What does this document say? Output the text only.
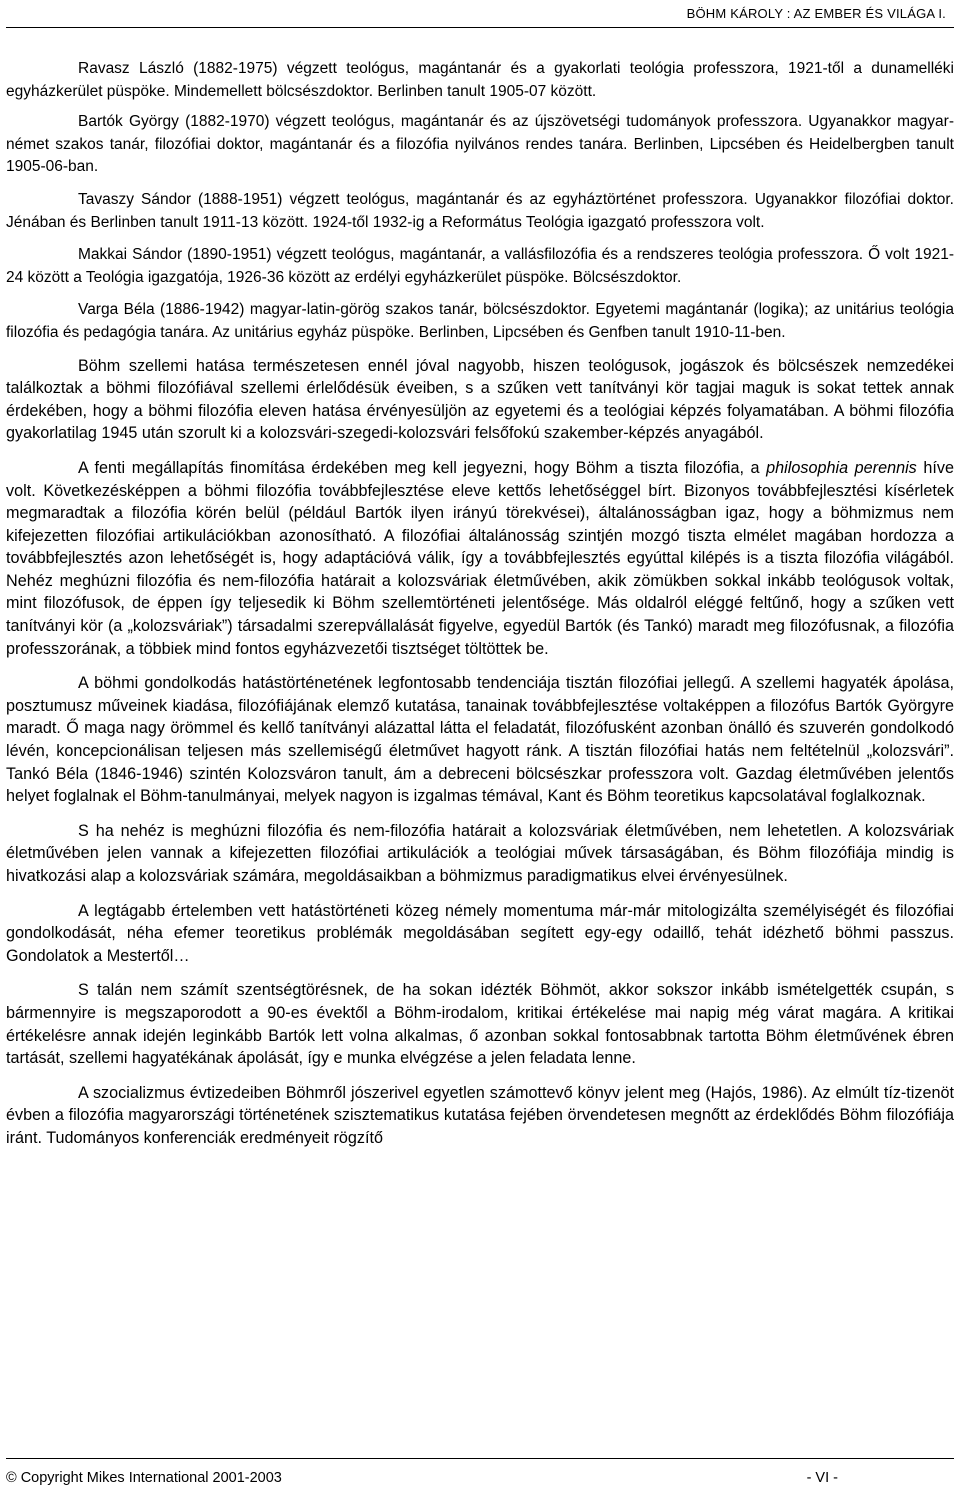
BÖHM KÁROLY : AZ EMBER ÉS VILÁGA I.

Ravasz László (1882-1975) végzett teológus, magántanár és a gyakorlati teológia professzora, 1921-től a dunamelléki egyházkerület püspöke. Mindemellett bölcsészdoktor. Berlinben tanult 1905-07 között.

Bartók György (1882-1970) végzett teológus, magántanár és az újszövetségi tudományok professzora. Ugyanakkor magyar-német szakos tanár, filozófiai doktor, magántanár és a filozófia nyilvános rendes tanára. Berlinben, Lipcsében és Heidelbergben tanult 1905-06-ban.

Tavaszy Sándor (1888-1951) végzett teológus, magántanár és az egyháztörténet professzora. Ugyanakkor filozófiai doktor. Jénában és Berlinben tanult 1911-13 között. 1924-től 1932-ig a Református Teológia igazgató professzora volt.

Makkai Sándor (1890-1951) végzett teológus, magántanár, a vallásfilozófia és a rendszeres teológia professzora. Ő volt 1921-24 között a Teológia igazgatója, 1926-36 között az erdélyi egyházkerület püspöke. Bölcsészdoktor.

Varga Béla (1886-1942) magyar-latin-görög szakos tanár, bölcsészdoktor. Egyetemi magántanár (logika); az unitárius teológia filozófia és pedagógia tanára. Az unitárius egyház püspöke. Berlinben, Lipcsében és Genfben tanult 1910-11-ben.

Böhm szellemi hatása természetesen ennél jóval nagyobb, hiszen teológusok, jogászok és bölcsészek nemzedékei találkoztak a böhmi filozófiával szellemi érlelődésük éveiben, s a szűken vett tanítványi kör tagjai maguk is sokat tettek annak érdekében, hogy a böhmi filozófia eleven hatása érvényesüljön az egyetemi és a teológiai képzés folyamatában. A böhmi filozófia gyakorlatilag 1945 után szorult ki a kolozsvári-szegedi-kolozsvári felsőfokú szakember-képzés anyagából.

A fenti megállapítás finomítása érdekében meg kell jegyezni, hogy Böhm a tiszta filozófia, a philosophia perennis híve volt. Következésképpen a böhmi filozófia továbbfejlesztése eleve kettős lehetőséggel bírt. Bizonyos továbbfejlesztési kísérletek megmaradtak a filozófia körén belül (például Bartók ilyen irányú törekvései), általánosságban igaz, hogy a böhmizmus nem kifejezetten filozófiai artikulációkban azonosítható. A filozófiai általánosság szintjén mozgó tiszta elmélet magában hordozza a továbbfejlesztés azon lehetőségét is, hogy adaptációvá válik, így a továbbfejlesztés egyúttal kilépés is a tiszta filozófia világából. Nehéz meghúzni filozófia és nem-filozófia határait a kolozsváriak életművében, akik zömükben sokkal inkább teológusok voltak, mint filozófusok, de éppen így teljesedik ki Böhm szellemtörténeti jelentősége. Más oldalról eléggé feltűnő, hogy a szűken vett tanítványi kör (a „kolozsváriak”) társadalmi szerepvállalását figyelve, egyedül Bartók (és Tankó) maradt meg filozófusnak, a filozófia professzorának, a többiek mind fontos egyházvezetői tisztséget töltöttek be.

A böhmi gondolkodás hatástörténetének legfontosabb tendenciája tisztán filozófiai jellegű. A szellemi hagyaték ápolása, posztumusz műveinek kiadása, filozófiájának elemző kutatása, tanainak továbbfejlesztése voltaképpen a filozófus Bartók Györgyre maradt. Ő maga nagy örömmel és kellő tanítványi alázattal látta el feladatát, filozófusként azonban önálló és szuverén gondolkodó lévén, koncepcionálisan teljesen más szellemiségű életművet hagyott ránk. A tisztán filozófiai hatás nem feltételnül „kolozsvári”. Tankó Béla (1846-1946) szintén Kolozsváron tanult, ám a debreceni bölcsészkar professzora volt. Gazdag életművében jelentős helyet foglalnak el Böhm-tanulmányai, melyek nagyon is izgalmas témával, Kant és Böhm teoretikus kapcsolatával foglalkoznak.

S ha nehéz is meghúzni filozófia és nem-filozófia határait a kolozsváriak életművében, nem lehetetlen. A kolozsváriak életművében jelen vannak a kifejezetten filozófiai artikulációk a teológiai művek társaságában, és Böhm filozófiája mindig is hivatkozási alap a kolozsváriak számára, megoldásaikban a böhmizmus paradigmatikus elvei érvényesülnek.

A legtágabb értelemben vett hatástörténeti közeg némely momentuma már-már mitologizálta személyiségét és filozófiai gondolkodását, néha efemer teoretikus problémák megoldásában segített egy-egy odaillő, tehát idézhető böhmi passzus. Gondolatok a Mestertől…

S talán nem számít szentségtörésnek, de ha sokan idézték Böhmöt, akkor sokszor inkább ismételgették csupán, s bármennyire is megszaporodott a 90-es évektől a Böhm-irodalom, kritikai értékelése mai napig még várat magára. A kritikai értékelésre annak idején leginkább Bartók lett volna alkalmas, ő azonban sokkal fontosabbnak tartotta Böhm életművének ébren tartását, szellemi hagyatékának ápolását, így e munka elvégzése a jelen feladata lenne.

A szocializmus évtizedeiben Böhmről jószerivel egyetlen számottevő könyv jelent meg (Hajós, 1986). Az elmúlt tíz-tizenöt évben a filozófia magyarországi történetének szisztematikus kutatása fejében örvendetesen megnőtt az érdeklődés Böhm filozófiája iránt. Tudományos konferenciák eredményeit rögzítő

© Copyright Mikes International 2001-2003	- VI -
